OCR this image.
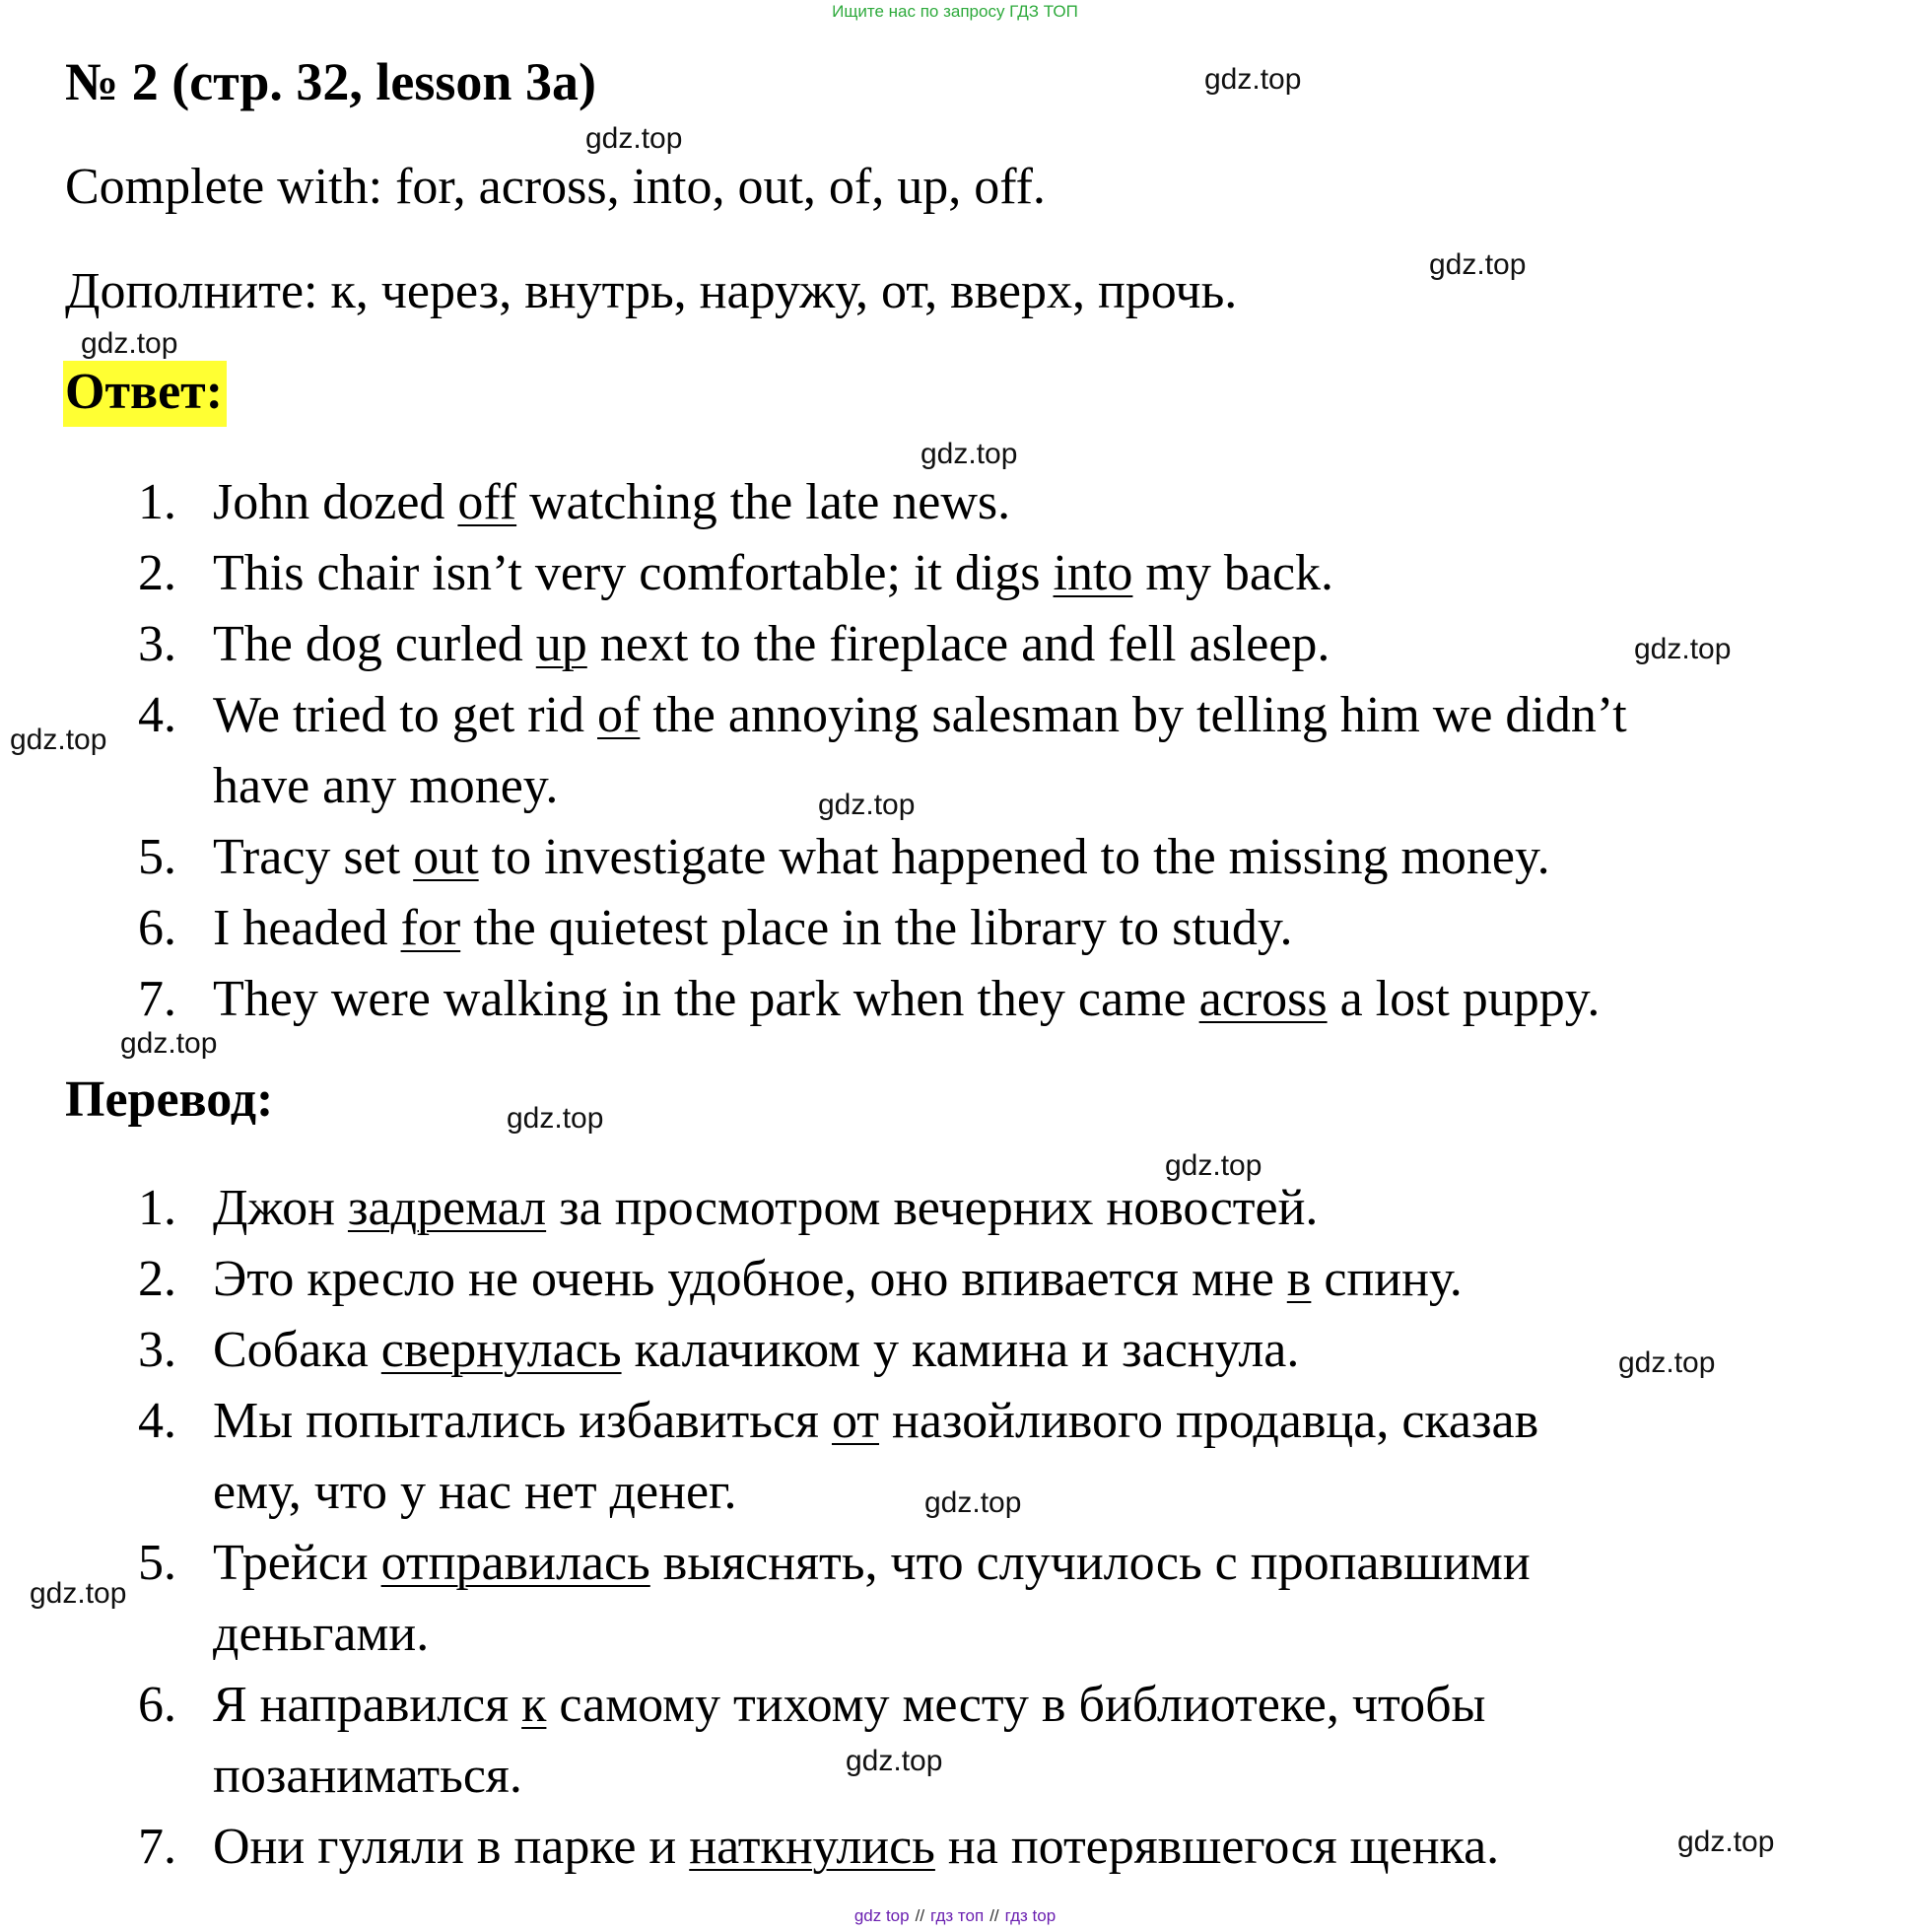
Ищите нас по запросу ГДЗ ТОП
№ 2 (стр. 32, lesson 3a)
Complete with: for, across, into, out, of, up, off.
Дополните: к, через, внутрь, наружу, от, вверх, прочь.
Ответ:
1. John dozed off watching the late news.
2. This chair isn’t very comfortable; it digs into my back.
3. The dog curled up next to the fireplace and fell asleep.
4. We tried to get rid of the annoying salesman by telling him we didn’t
have any money.
5. Tracy set out to investigate what happened to the missing money.
6. I headed for the quietest place in the library to study.
7. They were walking in the park when they came across a lost puppy.
Перевод:
1. Джон задремал за просмотром вечерних новостей.
2. Это кресло не очень удобное, оно впивается мне в спину.
3. Собака свернулась калачиком у камина и заснула.
4. Мы попытались избавиться от назойливого продавца, сказав
ему, что у нас нет денег.
5. Трейси отправилась выяснять, что случилось с пропавшими
деньгами.
6. Я направился к самому тихому месту в библиотеке, чтобы
позаниматься.
7. Они гуляли в парке и наткнулись на потерявшегося щенка.
gdz.top
gdz.top
gdz.top
gdz.top
gdz.top
gdz.top
gdz.top
gdz.top
gdz.top
gdz.top
gdz.top
gdz.top
gdz.top
gdz.top
gdz.top
gdz.top
gdz top // гдз топ // гдз top
